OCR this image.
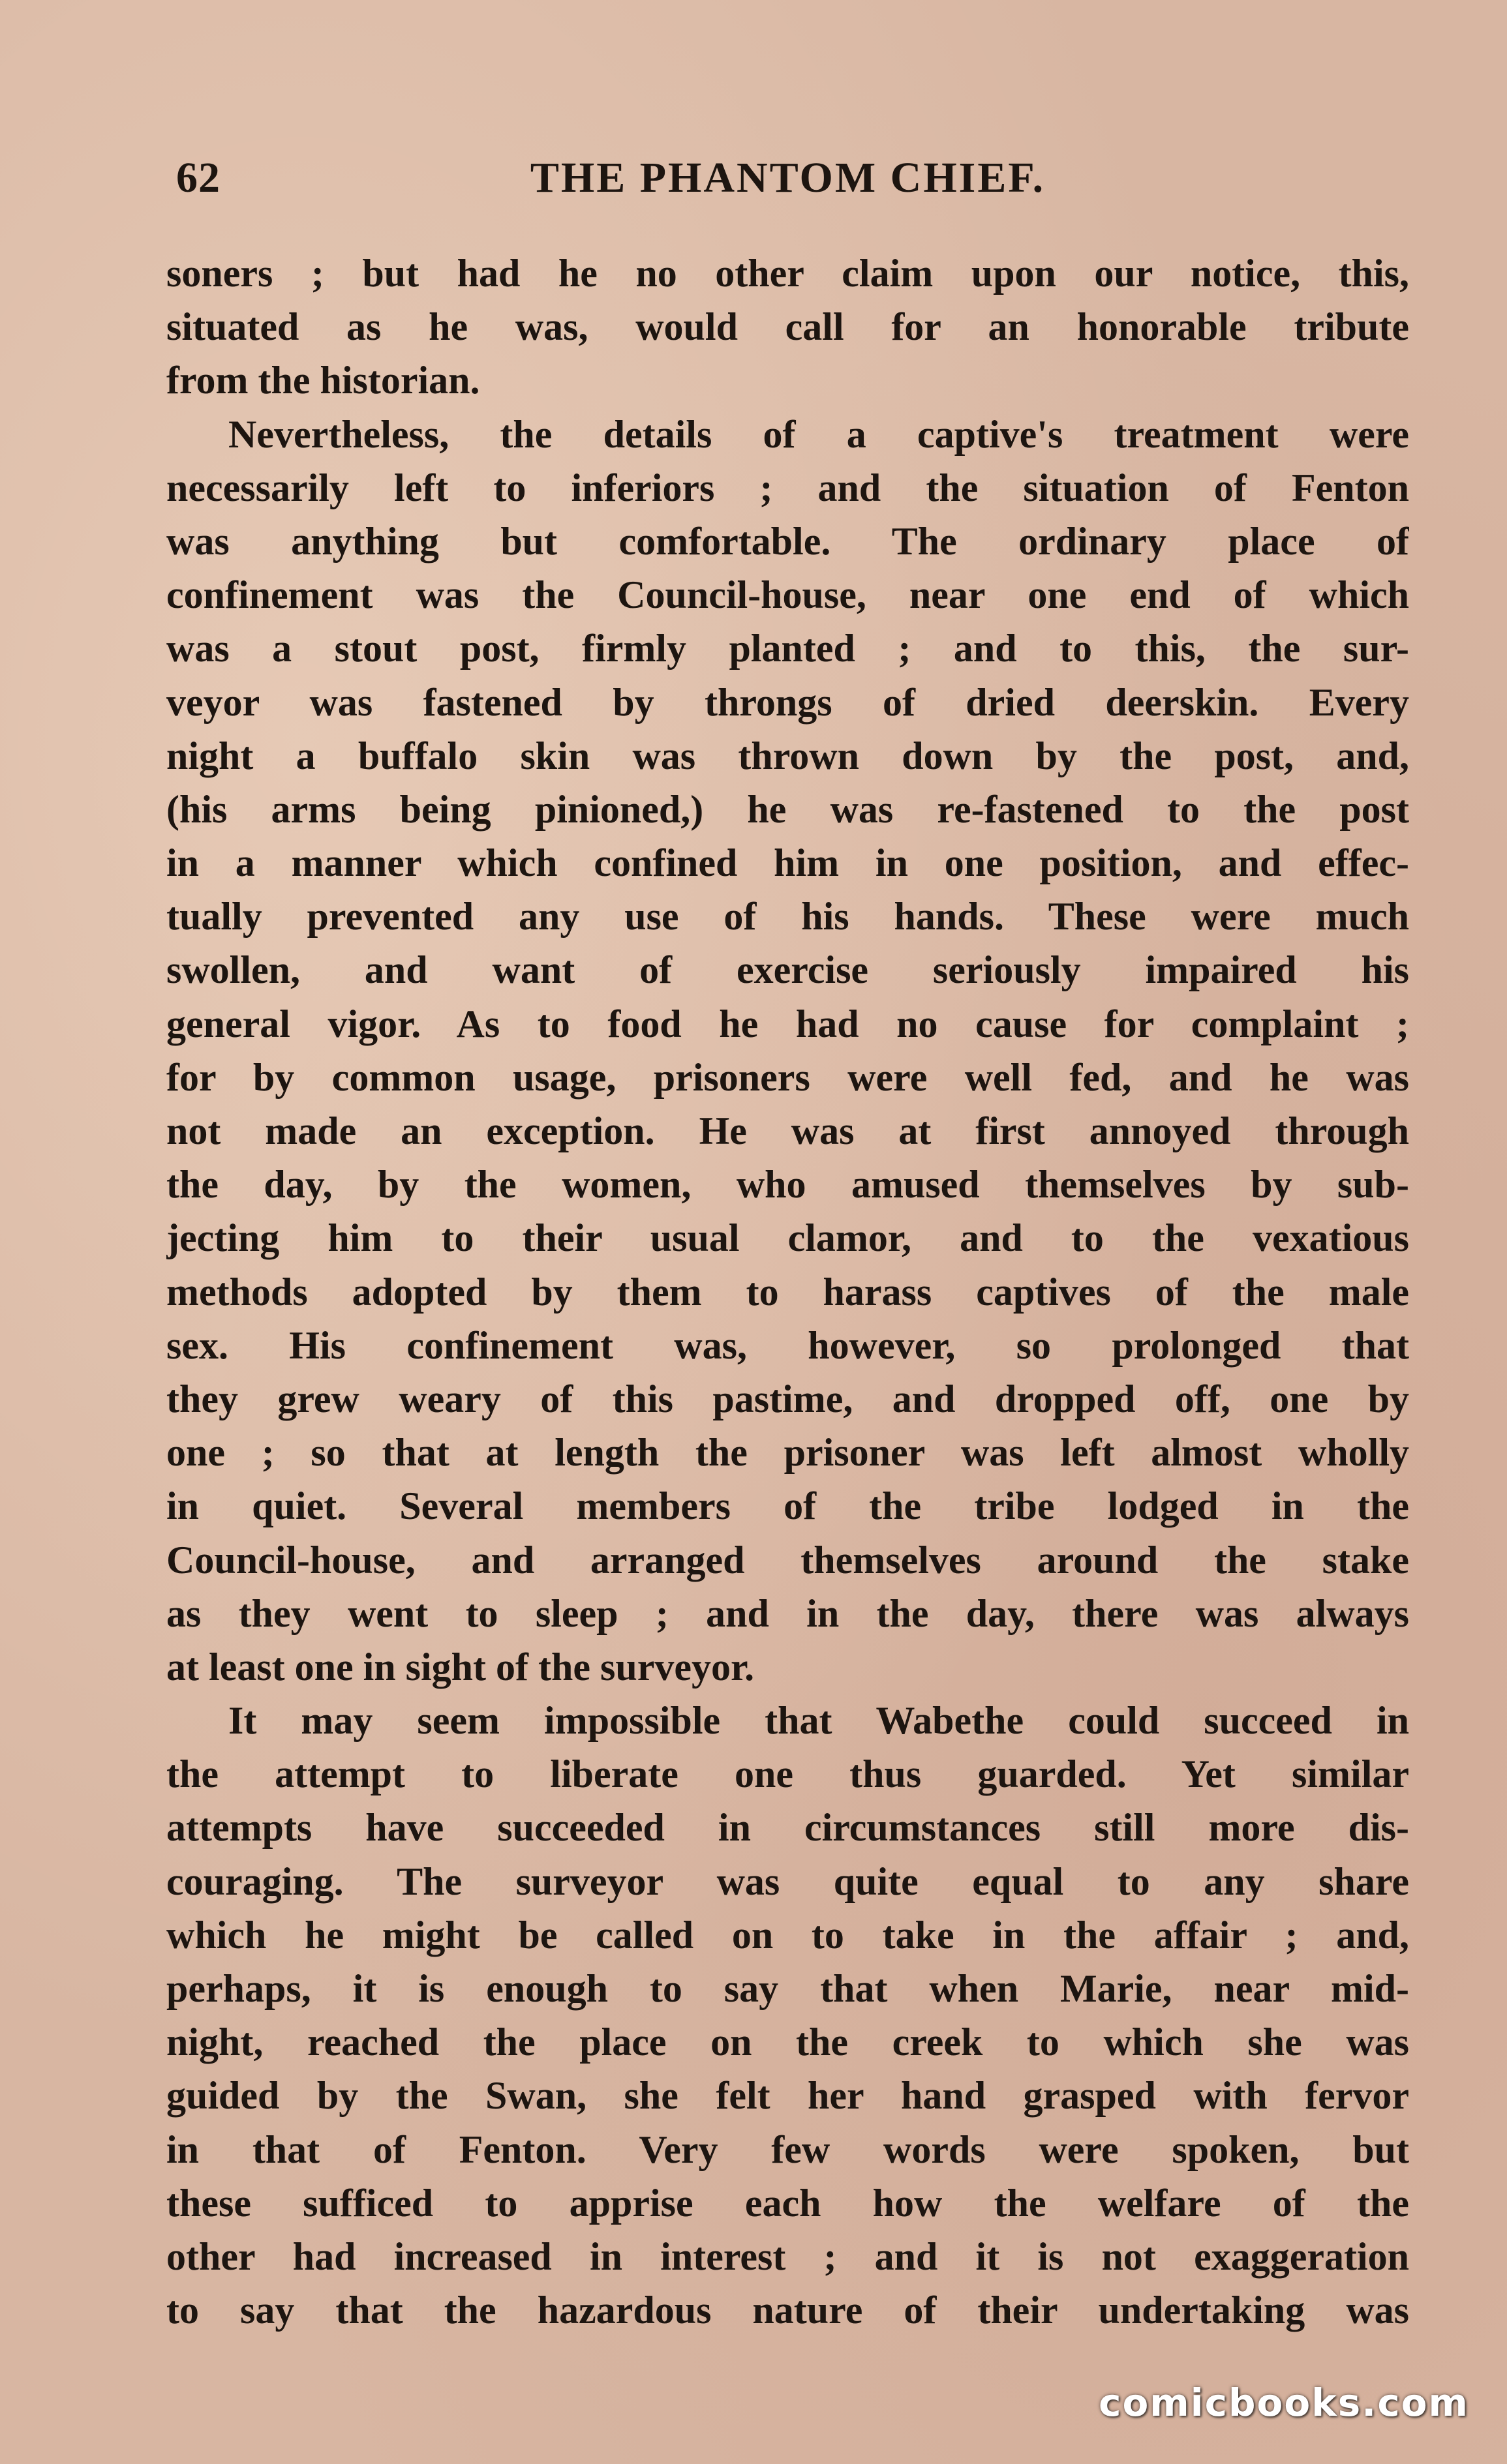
62	THE PHANTOM CHIEF.
soners ; but had he no other claim upon our notice, this,
situated as he was, would call for an honorable tribute
from the historian.
Nevertheless, the details of a captive's treatment were
necessarily left to inferiors ; and the situation of Fenton
was anything but comfortable. The ordinary place of
confinement was the Council-house, near one end of which
was a stout post, firmly planted ; and to this, the sur-
veyor was fastened by throngs of dried deerskin. Every
night a buffalo skin was thrown down by the post, and,
(his arms being pinioned,) he was re-fastened to the post
in a manner which confined him in one position, and effec-
tually prevented any use of his hands. These were much
swollen, and want of exercise seriously impaired his
general vigor. As to food he had no cause for complaint ;
for by common usage, prisoners were well fed, and he was
not made an exception. He was at first annoyed through
the day, by the women, who amused themselves by sub-
jecting him to their usual clamor, and to the vexatious
methods adopted by them to harass captives of the male
sex. His confinement was, however, so prolonged that
they grew weary of this pastime, and dropped off, one by
one ; so that at length the prisoner was left almost wholly
in quiet. Several members of the tribe lodged in the
Council-house, and arranged themselves around the stake
as they went to sleep ; and in the day, there was always
at least one in sight of the surveyor.
It may seem impossible that Wabethe could succeed in
the attempt to liberate one thus guarded. Yet similar
attempts have succeeded in circumstances still more dis-
couraging. The surveyor was quite equal to any share
which he might be called on to take in the affair ; and,
perhaps, it is enough to say that when Marie, near mid-
night, reached the place on the creek to which she was
guided by the Swan, she felt her hand grasped with fervor
in that of Fenton. Very few words were spoken, but
these sufficed to apprise each how the welfare of the
other had increased in interest ; and it is not exaggeration
to say that the hazardous nature of their undertaking was
comicbooks.com
